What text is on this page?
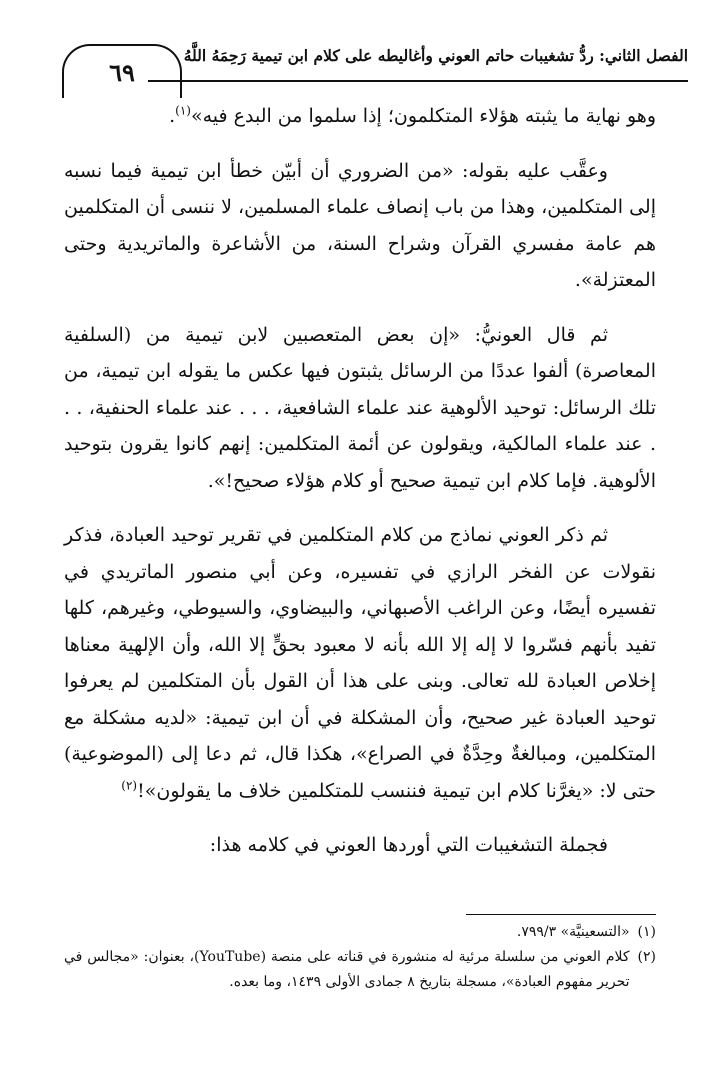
٦٩
الفصل الثاني: ردُّ تشغيبات حاتم العوني وأغاليطه على كلام ابن تيمية رَحِمَهُ اللَّهُ

وهو نهاية ما يثبته هؤلاء المتكلمون؛ إذا سلموا من البدع فيه»$^{(١)}$.

وعقَّب عليه بقوله: «من الضروري أن أبيّن خطأ ابن تيمية فيما نسبه إلى المتكلمين، وهذا من باب إنصاف علماء المسلمين، لا ننسى أن المتكلمين هم عامة مفسري القرآن وشراح السنة، من الأشاعرة والماتريدية وحتى المعتزلة».

ثم قال العونيُّ: «إن بعض المتعصبين لابن تيمية من (السلفية المعاصرة) ألفوا عددًا من الرسائل يثبتون فيها عكس ما يقوله ابن تيمية، من تلك الرسائل: توحيد الألوهية عند علماء الشافعية، . . . عند علماء الحنفية، . . . عند علماء المالكية، ويقولون عن أئمة المتكلمين: إنهم كانوا يقرون بتوحيد الألوهية. فإما كلام ابن تيمية صحيح أو كلام هؤلاء صحيح!».

ثم ذكر العوني نماذج من كلام المتكلمين في تقرير توحيد العبادة، فذكر نقولات عن الفخر الرازي في تفسيره، وعن أبي منصور الماتريدي في تفسيره أيضًا، وعن الراغب الأصبهاني، والبيضاوي، والسيوطي، وغيرهم، كلها تفيد بأنهم فسّروا لا إله إلا الله بأنه لا معبود بحقٍّ إلا الله، وأن الإلهية معناها إخلاص العبادة لله تعالى. وبنى على هذا أن القول بأن المتكلمين لم يعرفوا توحيد العبادة غير صحيح، وأن المشكلة في أن ابن تيمية: «لديه مشكلة مع المتكلمين، ومبالغةٌ وحِدَّةٌ في الصراع»، هكذا قال، ثم دعا إلى (الموضوعية) حتى لا: «يغرَّنا كلام ابن تيمية فننسب للمتكلمين خلاف ما يقولون»!$^{(٢)}$

فجملة التشغيبات التي أوردها العوني في كلامه هذا:

(١)
«التسعينيَّة» ٧٩٩/٣.
(٢)
كلام العوني من سلسلة مرئية له منشورة في قناته على منصة (YouTube)، بعنوان: «مجالس في تحرير مفهوم العبادة»، مسجلة بتاريخ ٨ جمادى الأولى ١٤٣٩، وما بعده.
